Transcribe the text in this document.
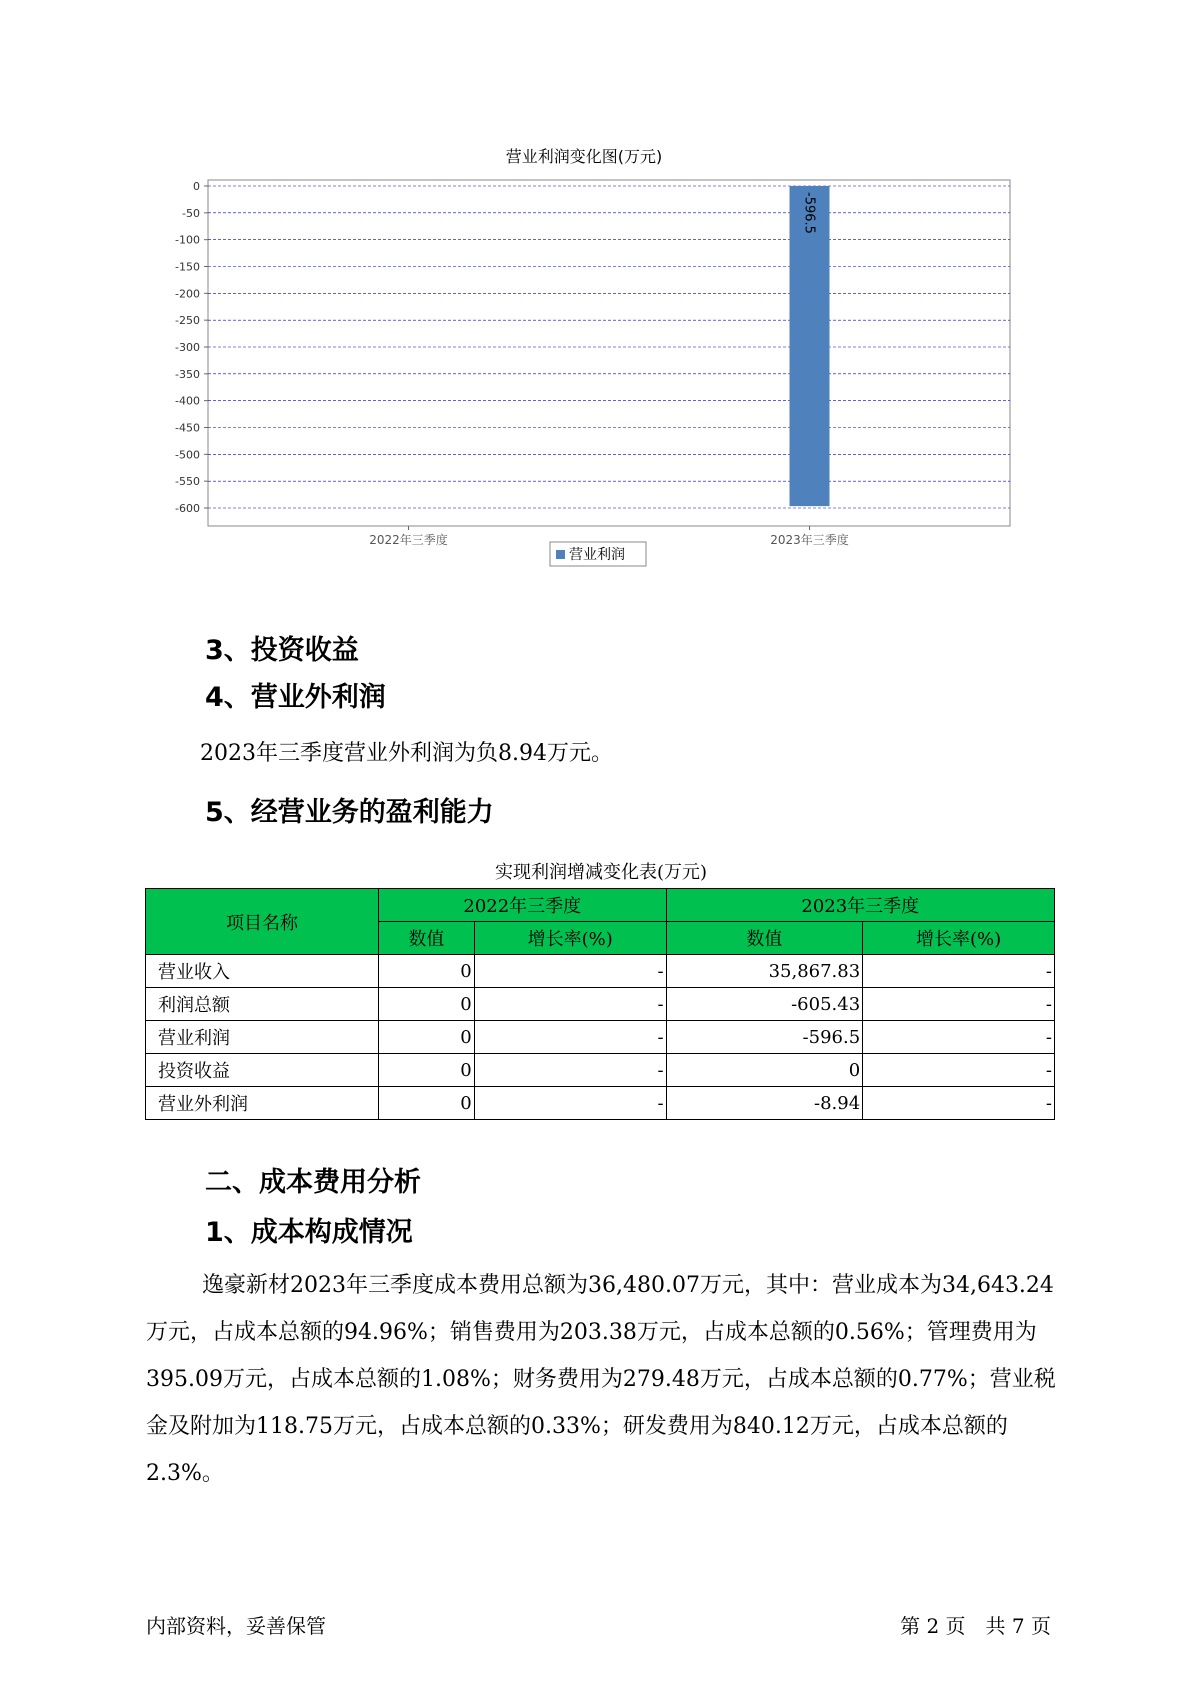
营业利润变化图(万元)
0
-50
-100
-150
-200
-250
-300
-350
-400
-450
-500
-550
-600
2022年三季度
-596.5
2023年三季度
营业利润
3、投资收益
4、营业外利润
2023年三季度营业外利润为负8.94万元。
5、经营业务的盈利能力
实现利润增减变化表(万元)
项目名称	2022年三季度		2023年三季度	
	数值	增长率(%)	数值	增长率(%)
营业收入	0	-	35,867.83	-
利润总额	0	-	-605.43	-
营业利润	0	-	-596.5	-
投资收益	0	-	0	-
营业外利润	0	-	-8.94	-
二、成本费用分析
1、成本构成情况
逸豪新材2023年三季度成本费用总额为36,480.07万元，其中：营业成本为34,643.24万元，占成本总额的94.96%；销售费用为203.38万元，占成本总额的0.56%；管理费用为395.09万元，占成本总额的1.08%；财务费用为279.48万元，占成本总额的0.77%；营业税金及附加为118.75万元，占成本总额的0.33%；研发费用为840.12万元，占成本总额的2.3%。
内部资料，妥善保管	第 2 页　共 7 页
